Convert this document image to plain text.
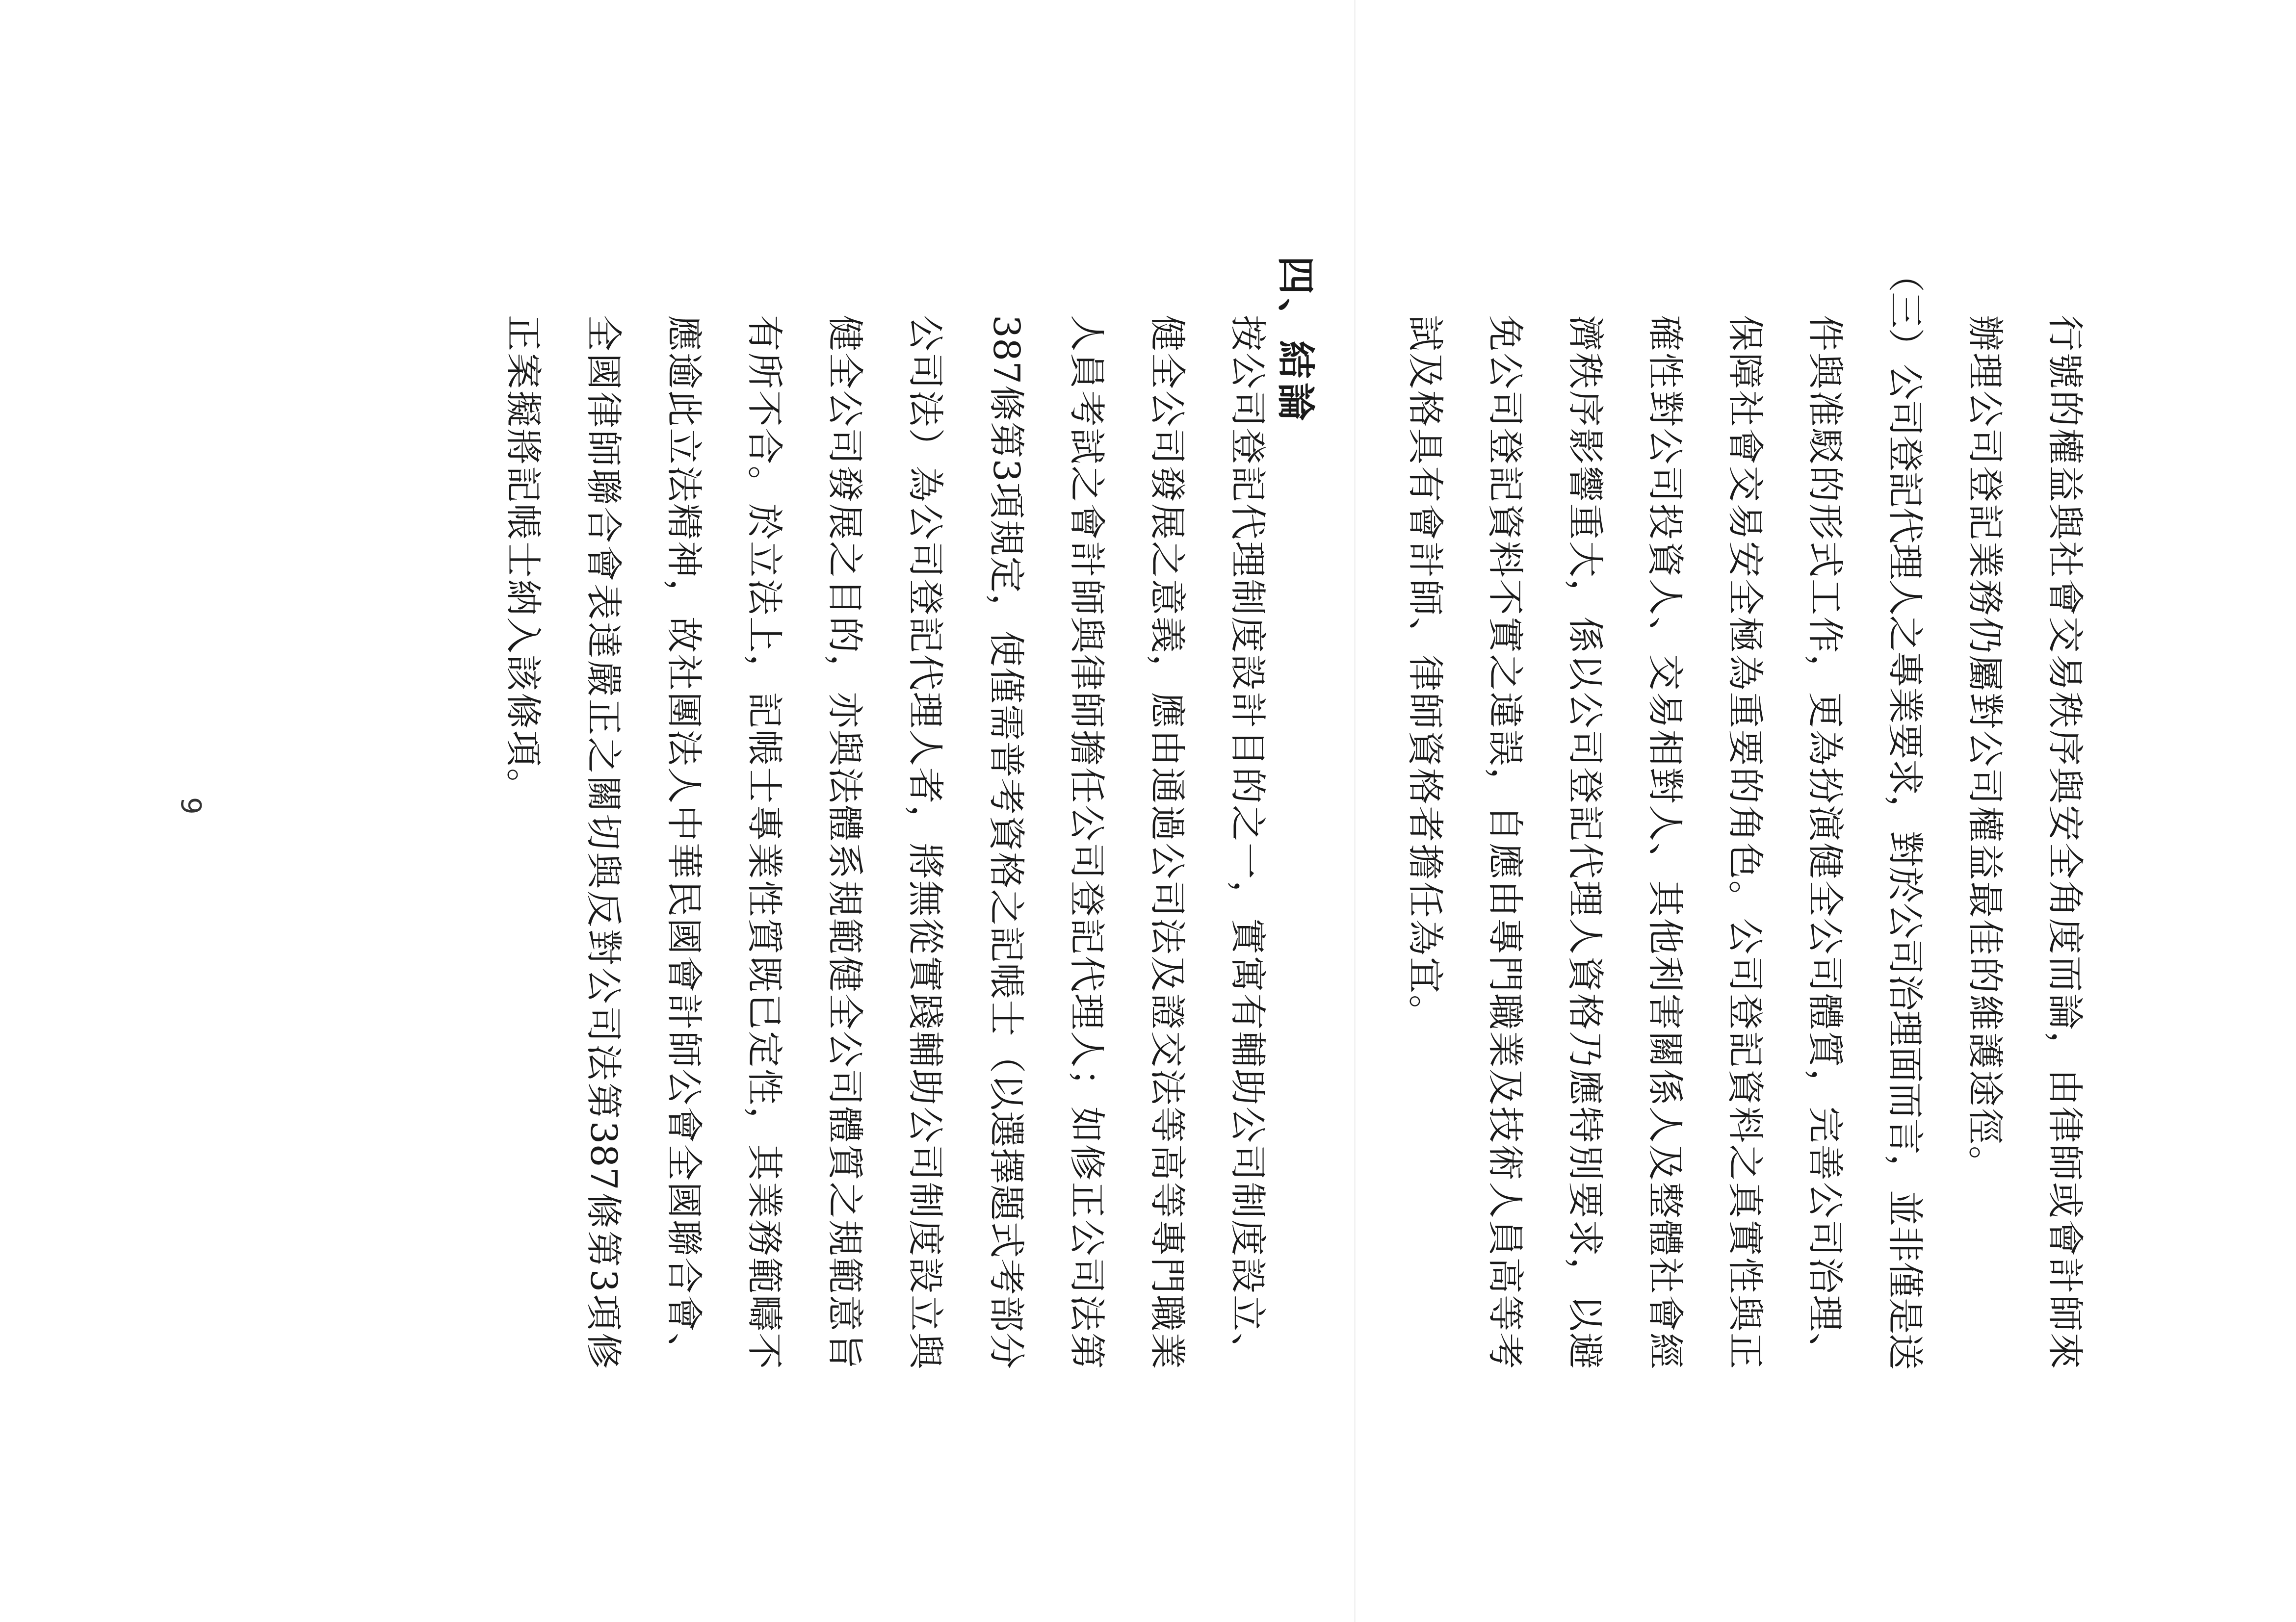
行號的權益與社會交易秩序與安全角度而論，由律師或會計師來

辦理公司登記業務仍屬對公司權益最佳的維護途徑。

（三）公司登記代理人之專業要求，對於公司治理面而言，並非僅是送

件與准駁的形式工作，更為扮演健全公司體質，完善公司治理、

保障社會交易安全極為重要的角色。公司登記資料之真實性與正

確性對公司投資人、交易相對人、其他利害關係人及整體社會經

濟秩序影響重大，係以公司登記代理人資格乃應特別要求，以避

免公司登記資料不實之違誤，自應由專門職業及技術人員高等考

試及格具有會計師、律師資格者擔任為宜。

四、結論

按公司登記代理制度設計目的之一，實寓有輔助公司制度設立、

健全公司發展之意義，應由通過公司法及證交法等高等專門職業

人員考試之會計師與律師擔任公司登記代理人；如修正公司法第

387條第3項規定，使僅需普考資格之記帳士（以選擇題式考部分

公司法）為公司登記代理人者，將無從實踐輔助公司制度設立與

健全公司發展之目的，亦與法體系規範健全公司體質之規範意旨

有所不合。於立法上，記帳士專業性質既已定性，其業務範疇不

應逾此立法精神，故社團法人中華民國會計師公會全國聯合會、

全國律師聯合會表達嚴正之關切與反對公司法第387條第3項修

正案擬將記帳士納入該條項。

9
